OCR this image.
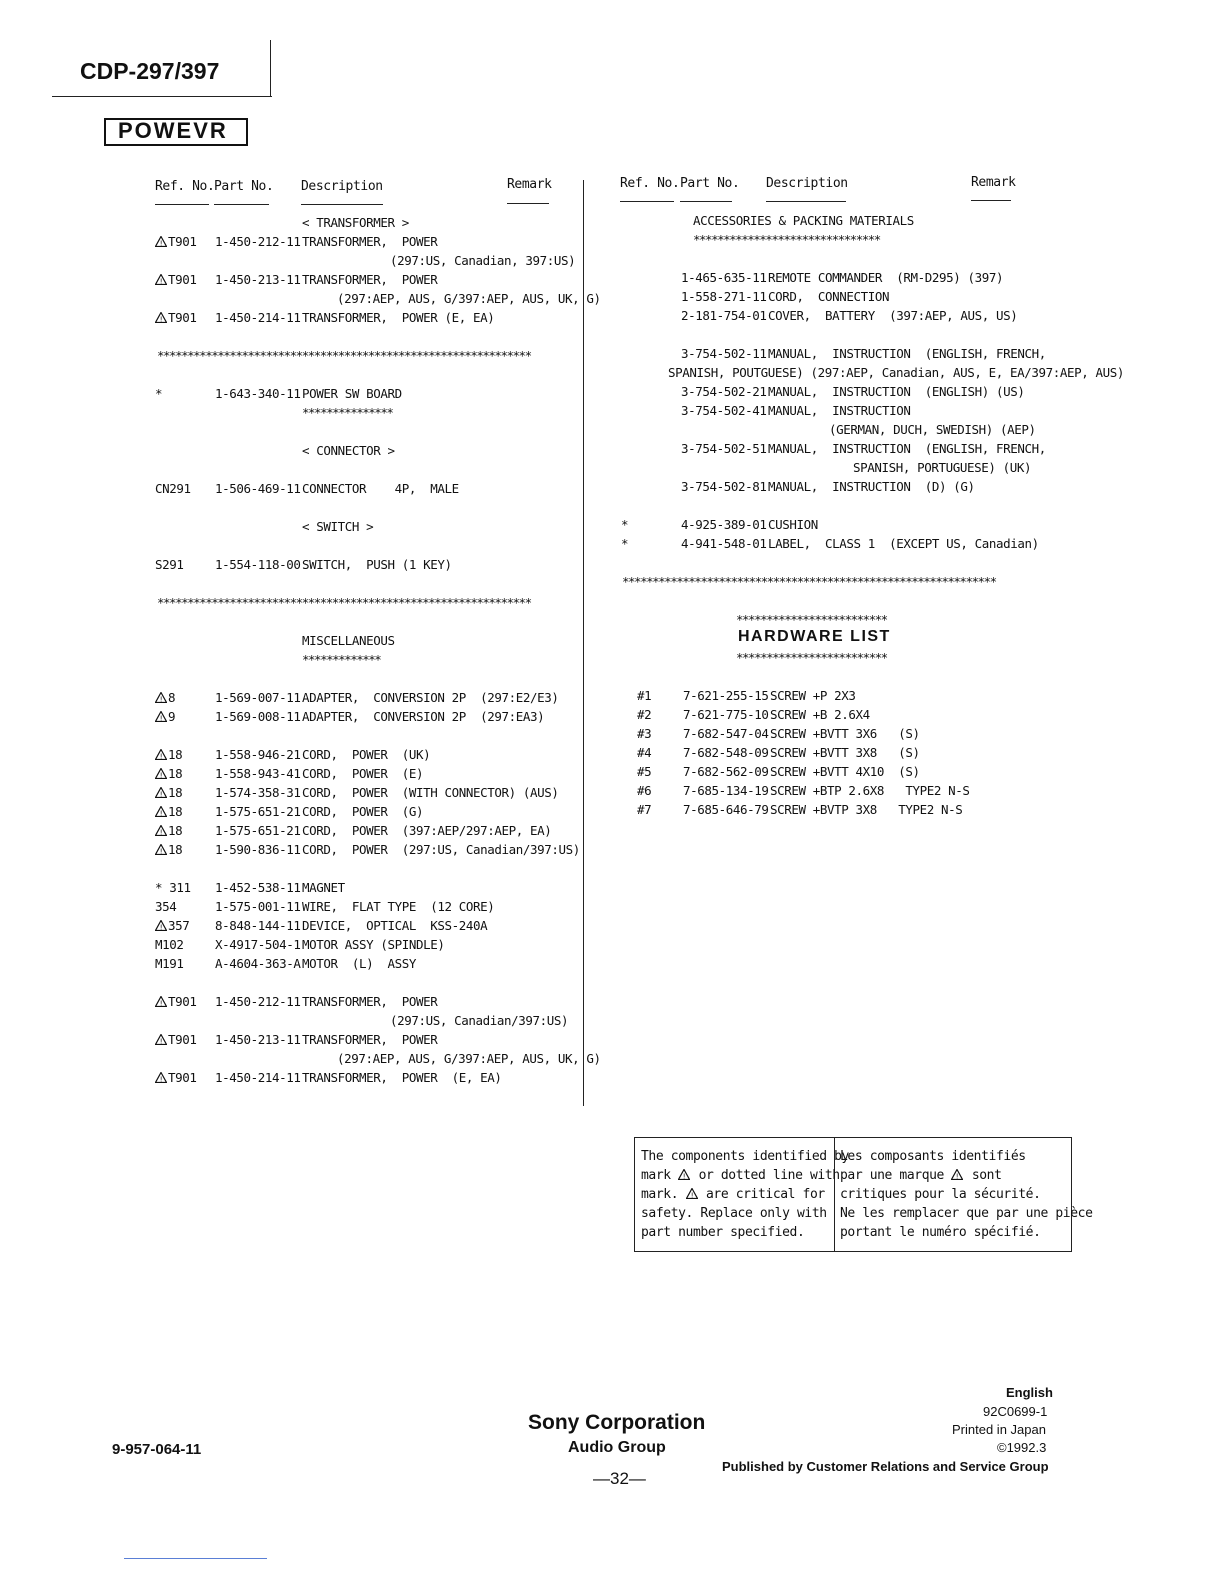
CDP-297/397
POWEVR
Ref. No. Part No. Description	Remark	Ref. No. Part No. Description	Remark
< TRANSFORMER >
! T901 1-450-212-11 TRANSFORMER,  POWER
(297:US, Canadian, 397:US)
! T901 1-450-213-11 TRANSFORMER,  POWER
(297:AEP, AUS, G/397:AEP, AUS, UK, G)
! T901 1-450-214-11 TRANSFORMER,  POWER (E, EA)
**************************************************************
*	1-643-340-11 POWER SW BOARD
***************
< CONNECTOR >
CN291 1-506-469-11 CONNECTOR    4P,  MALE
< SWITCH >
S291	1-554-118-00 SWITCH,  PUSH (1 KEY)
**************************************************************
MISCELLANEOUS
*************
! 8	1-569-007-11 ADAPTER,  CONVERSION 2P  (297:E2/E3)
! 9	1-569-008-11 ADAPTER,  CONVERSION 2P  (297:EA3)
! 18	1-558-946-21 CORD,  POWER  (UK)
! 18	1-558-943-41 CORD,  POWER  (E)
! 18	1-574-358-31 CORD,  POWER  (WITH CONNECTOR) (AUS)
! 18	1-575-651-21 CORD,  POWER  (G)
! 18	1-575-651-21 CORD,  POWER  (397:AEP/297:AEP, EA)
! 18	1-590-836-11 CORD,  POWER  (297:US, Canadian/397:US)
* 311 1-452-538-11 MAGNET
354	1-575-001-11 WIRE,  FLAT TYPE  (12 CORE)
! 357 8-848-144-11 DEVICE,  OPTICAL  KSS-240A
M102	X-4917-504-1 MOTOR ASSY (SPINDLE)
M191	A-4604-363-A MOTOR  (L)  ASSY
! T901 1-450-212-11 TRANSFORMER,  POWER
(297:US, Canadian/397:US)
! T901 1-450-213-11 TRANSFORMER,  POWER
(297:AEP, AUS, G/397:AEP, AUS, UK, G)
! T901 1-450-214-11 TRANSFORMER,  POWER  (E, EA)
ACCESSORIES & PACKING MATERIALS
*******************************
1-465-635-11 REMOTE COMMANDER  (RM-D295) (397)
1-558-271-11 CORD,  CONNECTION
2-181-754-01 COVER,  BATTERY  (397:AEP, AUS, US)
3-754-502-11 MANUAL,  INSTRUCTION  (ENGLISH, FRENCH,
SPANISH, POUTGUESE) (297:AEP, Canadian, AUS, E, EA/397:AEP, AUS)
3-754-502-21 MANUAL,  INSTRUCTION  (ENGLISH) (US)
3-754-502-41 MANUAL,  INSTRUCTION
(GERMAN, DUCH, SWEDISH) (AEP)
3-754-502-51 MANUAL,  INSTRUCTION  (ENGLISH, FRENCH,
SPANISH, PORTUGUESE) (UK)
3-754-502-81 MANUAL,  INSTRUCTION  (D) (G)
*	4-925-389-01 CUSHION
*	4-941-548-01 LABEL,  CLASS 1  (EXCEPT US, Canadian)
**************************************************************
*************************
HARDWARE LIST
*************************
#1	7-621-255-15 SCREW +P 2X3
#2	7-621-775-10 SCREW +B 2.6X4
#3	7-682-547-04 SCREW +BVTT 3X6   (S)
#4	7-682-548-09 SCREW +BVTT 3X8   (S)
#5	7-682-562-09 SCREW +BVTT 4X10  (S)
#6	7-685-134-19 SCREW +BTP 2.6X8   TYPE2 N-S
#7	7-685-646-79 SCREW +BVTP 3X8   TYPE2 N-S
The components identified by
mark ! or dotted line with
mark. ! are critical for
safety. Replace only with
part number specified.
Les composants identifiés
par une marque ! sont
critiques pour la sécurité.
Ne les remplacer que par une pièce
portant le numéro spécifié.
9-957-064-11
Sony Corporation
Audio Group
—32—
English
92C0699-1
Printed in Japan
©1992.3
Published by Customer Relations and Service Group
